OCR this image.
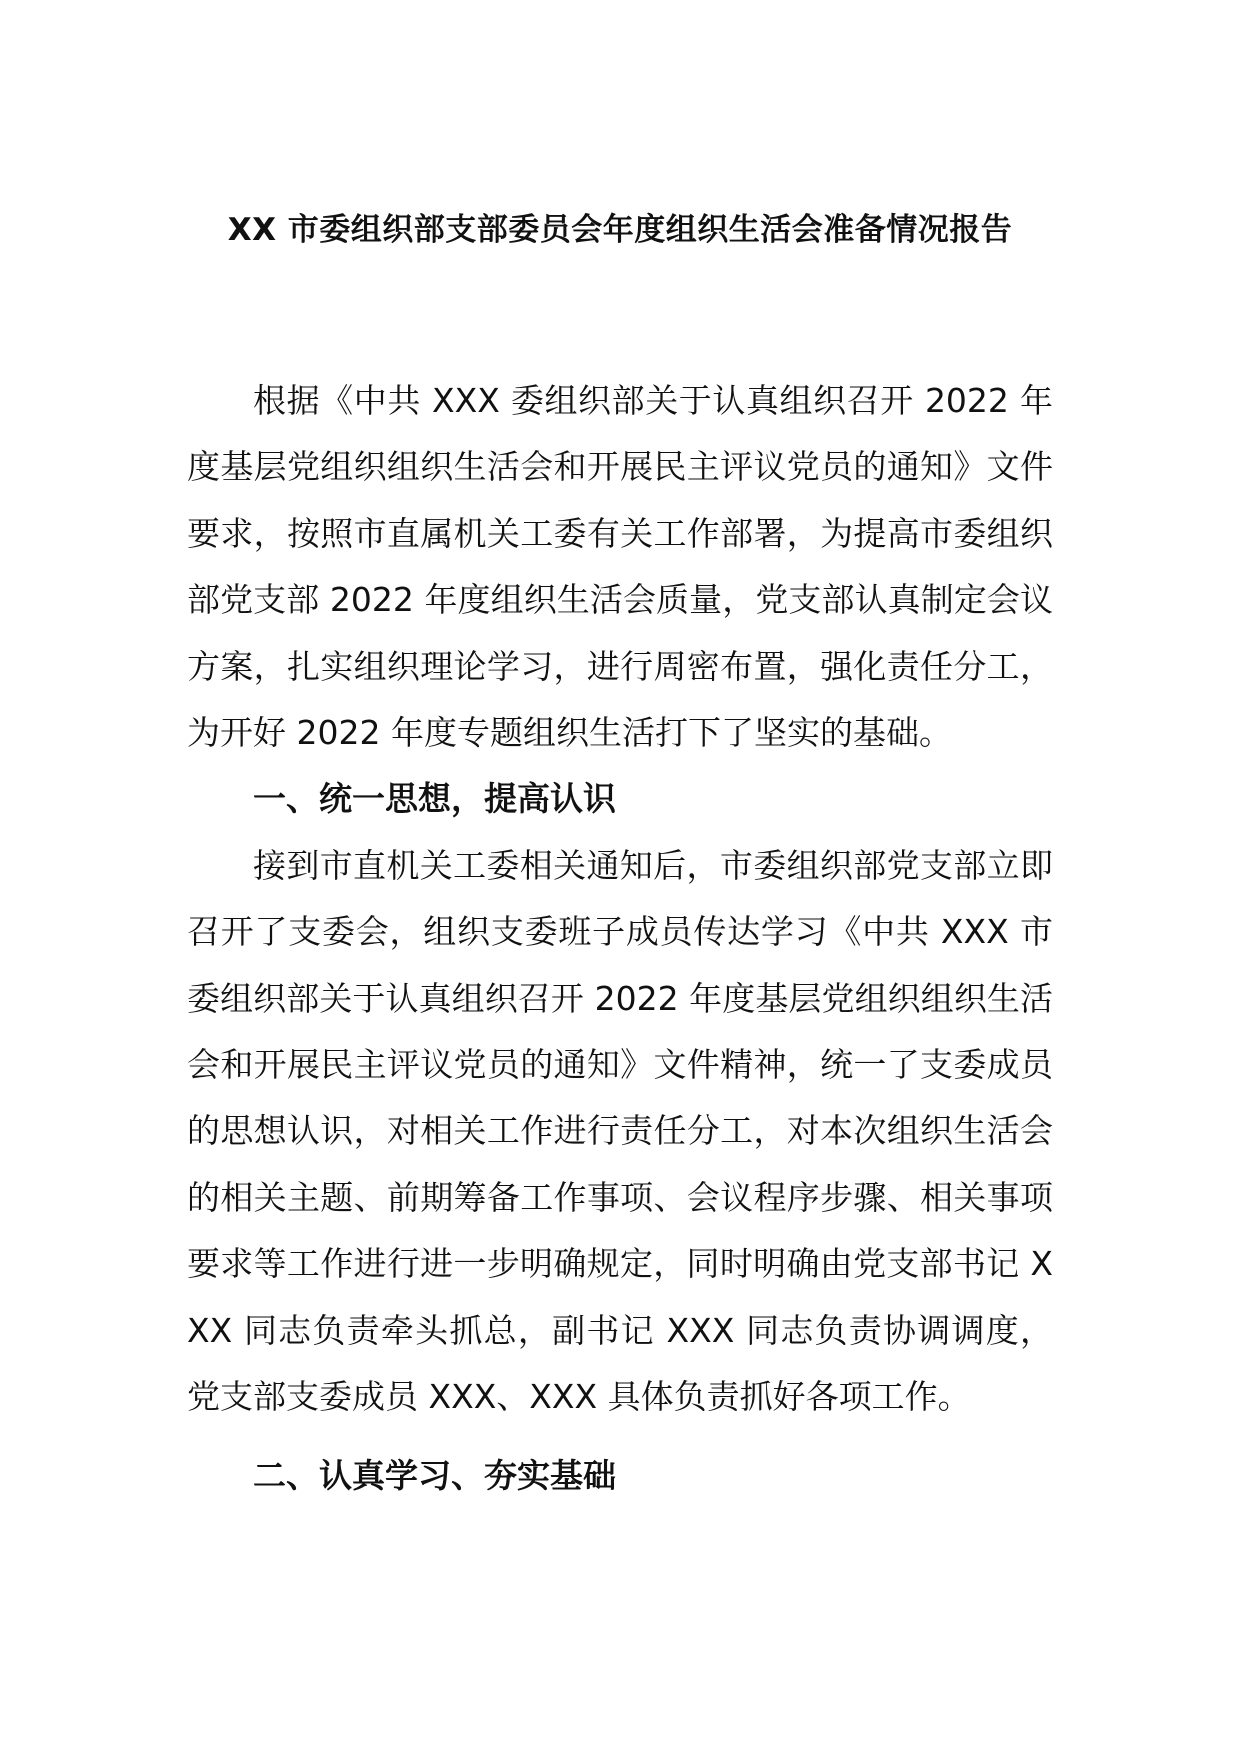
XX 市委组织部支部委员会年度组织生活会准备情况报告

根据《中共 XXX 委组织部关于认真组织召开 2022 年度基层党组织组织生活会和开展民主评议党员的通知》文件要求，按照市直属机关工委有关工作部署，为提高市委组织部党支部 2022 年度组织生活会质量，党支部认真制定会议方案，扎实组织理论学习，进行周密布置，强化责任分工，为开好 2022 年度专题组织生活打下了坚实的基础。

一、统一思想，提高认识

接到市直机关工委相关通知后，市委组织部党支部立即召开了支委会，组织支委班子成员传达学习《中共 XXX 市委组织部关于认真组织召开 2022 年度基层党组织组织生活会和开展民主评议党员的通知》文件精神，统一了支委成员的思想认识，对相关工作进行责任分工，对本次组织生活会的相关主题、前期筹备工作事项、会议程序步骤、相关事项要求等工作进行进一步明确规定，同时明确由党支部书记 XXX 同志负责牵头抓总，副书记 XXX 同志负责协调调度，党支部支委成员 XXX、XXX 具体负责抓好各项工作。

二、认真学习、夯实基础
